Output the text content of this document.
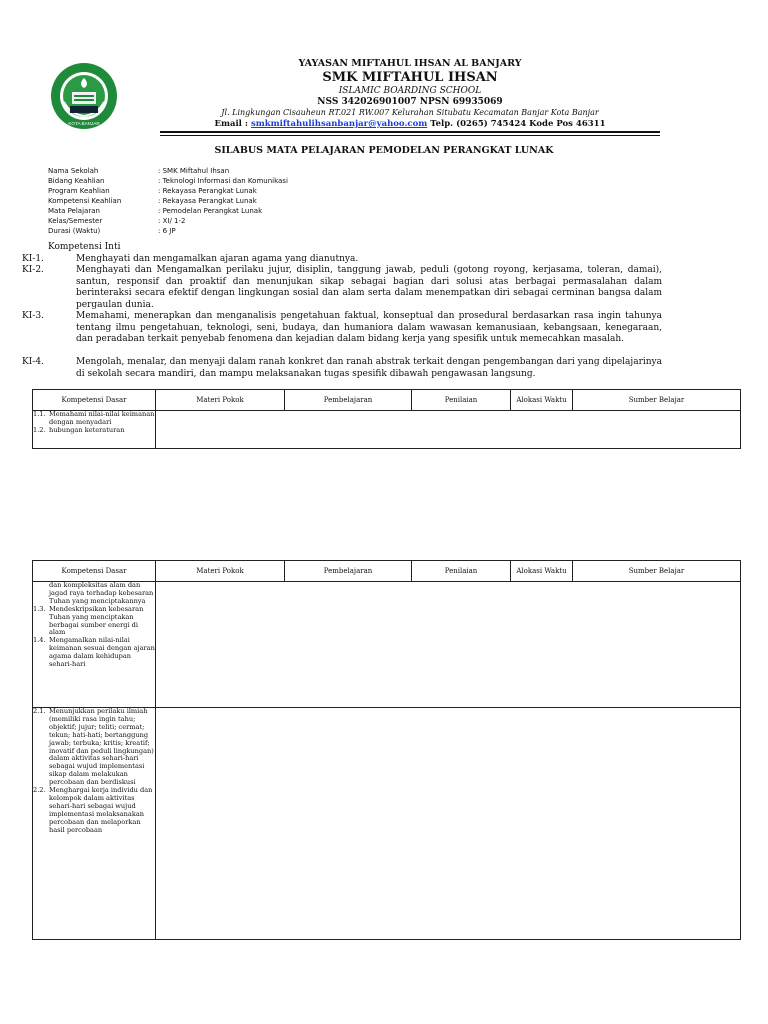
KOTA BANJAR
YAYASAN MIFTAHUL IHSAN AL BANJARY
SMK MIFTAHUL IHSAN
ISLAMIC BOARDING SCHOOL
NSS 342026901007 NPSN 69935069
Jl. Lingkungan Cisauheun RT.021 RW.007 Kelurahan Situbatu Kecamatan Banjar Kota Banjar
Email : smkmiftahulihsanbanjar@yahoo.com Telp. (0265) 745424 Kode Pos 46311
SILABUS MATA PELAJARAN PEMODELAN PERANGKAT LUNAK
Nama Sekolah	: SMK Miftahul Ihsan
Bidang Keahlian	: Teknologi Informasi dan Komunikasi
Program Keahlian	: Rekayasa Perangkat Lunak
Kompetensi Keahlian	: Rekayasa Perangkat Lunak
Mata Pelajaran	: Pemodelan Perangkat Lunak
Kelas/Semester	: XI/ 1-2
Durasi (Waktu)	: 6 JP
Kompetensi Inti
KI-1.	Menghayati dan mengamalkan ajaran agama yang dianutnya.
KI-2.	Menghayati dan Mengamalkan perilaku jujur, disiplin, tanggung jawab, peduli (gotong royong, kerjasama, toleran, damai), santun, responsif dan proaktif dan menunjukan sikap sebagai bagian dari solusi atas berbagai permasalahan dalam berinteraksi secara efektif dengan lingkungan sosial dan alam serta dalam menempatkan diri sebagai cerminan bangsa dalam pergaulan dunia.
KI-3.	Memahami, menerapkan dan menganalisis pengetahuan faktual, konseptual dan prosedural berdasarkan rasa ingin tahunya tentang ilmu pengetahuan, teknologi, seni, budaya, dan humaniora dalam wawasan kemanusiaan, kebangsaan, kenegaraan, dan peradaban terkait penyebab fenomena dan kejadian dalam bidang kerja yang spesifik untuk memecahkan masalah.
KI-4.	Mengolah, menalar, dan menyaji dalam ranah konkret dan ranah abstrak terkait dengan pengembangan dari yang dipelajarinya di sekolah secara mandiri, dan mampu melaksanakan tugas spesifik dibawah pengawasan langsung.
Kompetensi Dasar	Materi Pokok	Pembelajaran	Penilaian	Alokasi Waktu	Sumber Belajar

1.1. Memahami nilai-nilai keimanan dengan menyadari
1.2. hubungan keteraturan					

Kompetensi Dasar	Materi Pokok	Pembelajaran	Penilaian	Alokasi Waktu	Sumber Belajar

dan kompleksitas alam dan jagad raya terhadap kebesaran Tuhan yang menciptakannya
1.3. Mendeskripsikan kebesaran Tuhan yang menciptakan berbagai sumber energi di alam
1.4. Mengamalkan nilai-nilai keimanan sesuai dengan ajaran agama dalam kehidupan sehari-hari					

2.1. Menunjukkan perilaku ilmiah (memiliki rasa ingin tahu; objektif; jujur; teliti; cermat; tekun; hati-hati; bertanggung jawab; terbuka; kritis; kreatif; inovatif dan peduli lingkungan) dalam aktivitas sehari-hari sebagai wujud implementasi sikap dalam melakukan percobaan dan berdiskusi
2.2. Menghargai kerja individu dan kelompok dalam aktivitas sehari-hari sebagai wujud implementasi melaksanakan percobaan dan melaporkan hasil percobaan					
